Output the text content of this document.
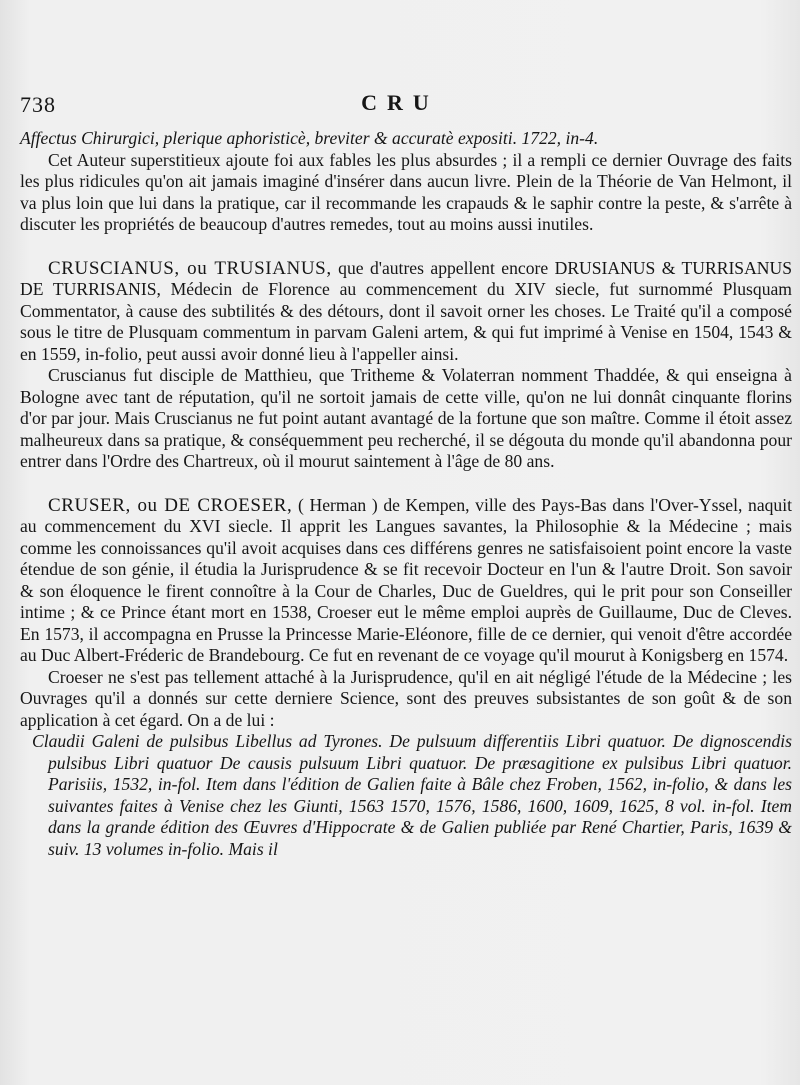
738	CRU

Affectus Chirurgici, plerique aphoristicè, breviter & accuratè expositi. 1722, in-4.

Cet Auteur superstitieux ajoute foi aux fables les plus absurdes ; il a rempli ce dernier Ouvrage des faits les plus ridicules qu'on ait jamais imaginé d'insérer dans aucun livre. Plein de la Théorie de Van Helmont, il va plus loin que lui dans la pratique, car il recommande les crapauds & le saphir contre la peste, & s'arrête à discuter les propriétés de beaucoup d'autres remedes, tout au moins aussi inutiles.

CRUSCIANUS, ou TRUSIANUS, que d'autres appellent encore DRUSIANUS & TURRISANUS DE TURRISANIS, Médecin de Florence au commencement du XIV siecle, fut surnommé Plusquam Commentator, à cause des subtilités & des détours, dont il savoit orner les choses. Le Traité qu'il a composé sous le titre de Plusquam commentum in parvam Galeni artem, & qui fut imprimé à Venise en 1504, 1543 & en 1559, in-folio, peut aussi avoir donné lieu à l'appeller ainsi.

Cruscianus fut disciple de Matthieu, que Tritheme & Volaterran nomment Thaddée, & qui enseigna à Bologne avec tant de réputation, qu'il ne sortoit jamais de cette ville, qu'on ne lui donnât cinquante florins d'or par jour. Mais Cruscianus ne fut point autant avantagé de la fortune que son maître. Comme il étoit assez malheureux dans sa pratique, & conséquemment peu recherché, il se dégouta du monde qu'il abandonna pour entrer dans l'Ordre des Chartreux, où il mourut saintement à l'âge de 80 ans.

CRUSER, ou DE CROESER, ( Herman ) de Kempen, ville des Pays-Bas dans l'Over-Yssel, naquit au commencement du XVI siecle. Il apprit les Langues savantes, la Philosophie & la Médecine ; mais comme les connoissances qu'il avoit acquises dans ces différens genres ne satisfaisoient point encore la vaste étendue de son génie, il étudia la Jurisprudence & se fit recevoir Docteur en l'un & l'autre Droit. Son savoir & son éloquence le firent connoître à la Cour de Charles, Duc de Gueldres, qui le prit pour son Conseiller intime ; & ce Prince étant mort en 1538, Croeser eut le même emploi auprès de Guillaume, Duc de Cleves. En 1573, il accompagna en Prusse la Princesse Marie-Eléonore, fille de ce dernier, qui venoit d'être accordée au Duc Albert-Fréderic de Brandebourg. Ce fut en revenant de ce voyage qu'il mourut à Konigsberg en 1574.

Croeser ne s'est pas tellement attaché à la Jurisprudence, qu'il en ait négligé l'étude de la Médecine ; les Ouvrages qu'il a donnés sur cette derniere Science, sont des preuves subsistantes de son goût & de son application à cet égard. On a de lui :

Claudii Galeni de pulsibus Libellus ad Tyrones. De pulsuum differentiis Libri quatuor. De dignoscendis pulsibus Libri quatuor De causis pulsuum Libri quatuor. De præsagitione ex pulsibus Libri quatuor. Parisiis, 1532, in-fol. Item dans l'édition de Galien faite à Bâle chez Froben, 1562, in-folio, & dans les suivantes faites à Venise chez les Giunti, 1563 1570, 1576, 1586, 1600, 1609, 1625, 8 vol. in-fol. Item dans la grande édition des Œuvres d'Hippocrate & de Galien publiée par René Chartier, Paris, 1639 & suiv. 13 volumes in-folio. Mais il
